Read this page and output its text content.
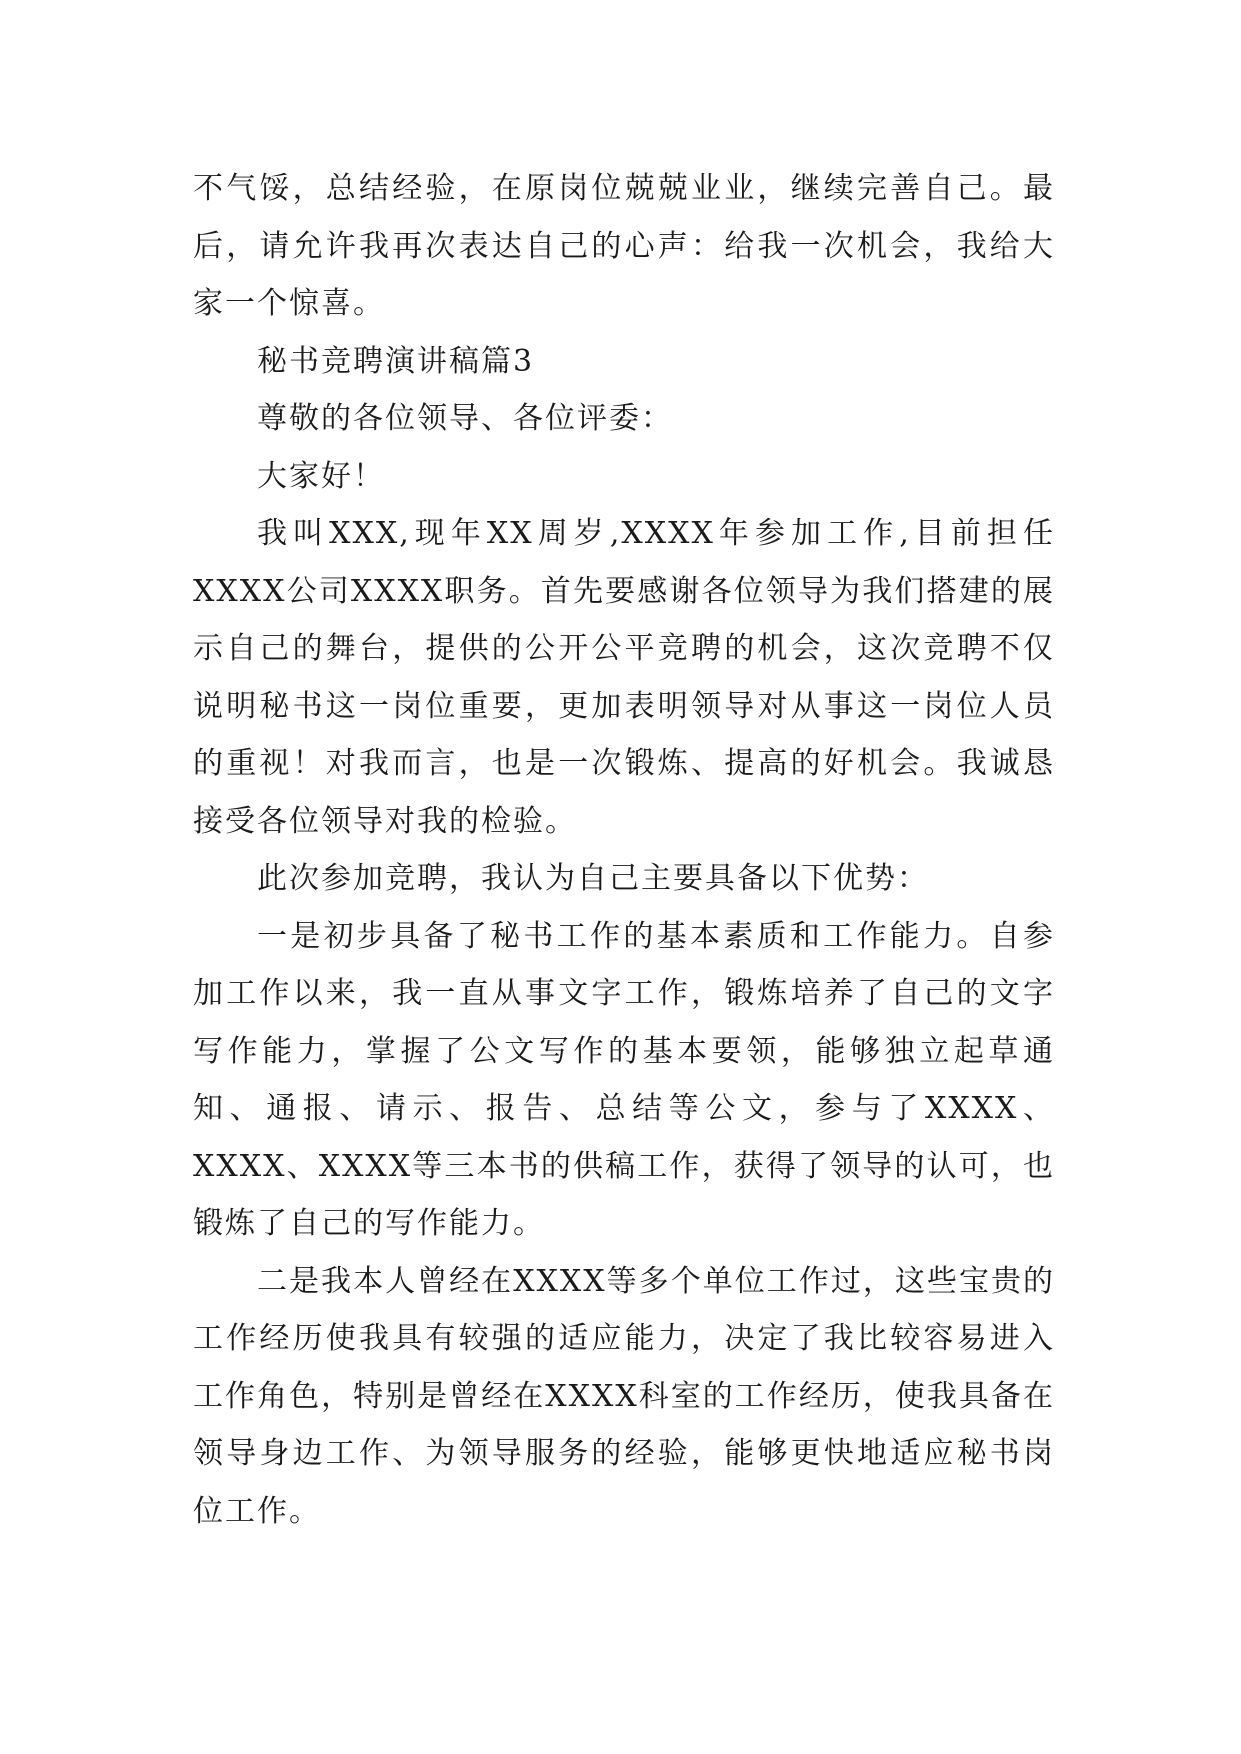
不气馁，总结经验，在原岗位兢兢业业，继续完善自己。最后，请允许我再次表达自己的心声：给我一次机会，我给大家一个惊喜。

秘书竞聘演讲稿篇3

尊敬的各位领导、各位评委：

大家好！

我叫XXX,现年XX周岁,XXXX年参加工作,目前担任XXXX公司XXXX职务。首先要感谢各位领导为我们搭建的展示自己的舞台，提供的公开公平竞聘的机会，这次竞聘不仅说明秘书这一岗位重要，更加表明领导对从事这一岗位人员的重视！对我而言，也是一次锻炼、提高的好机会。我诚恳接受各位领导对我的检验。

此次参加竞聘，我认为自己主要具备以下优势：

一是初步具备了秘书工作的基本素质和工作能力。自参加工作以来，我一直从事文字工作，锻炼培养了自己的文字写作能力，掌握了公文写作的基本要领，能够独立起草通知、通报、请示、报告、总结等公文，参与了XXXX、XXXX、XXXX等三本书的供稿工作，获得了领导的认可，也锻炼了自己的写作能力。

二是我本人曾经在XXXX等多个单位工作过，这些宝贵的工作经历使我具有较强的适应能力，决定了我比较容易进入工作角色，特别是曾经在XXXX科室的工作经历，使我具备在领导身边工作、为领导服务的经验，能够更快地适应秘书岗位工作。
